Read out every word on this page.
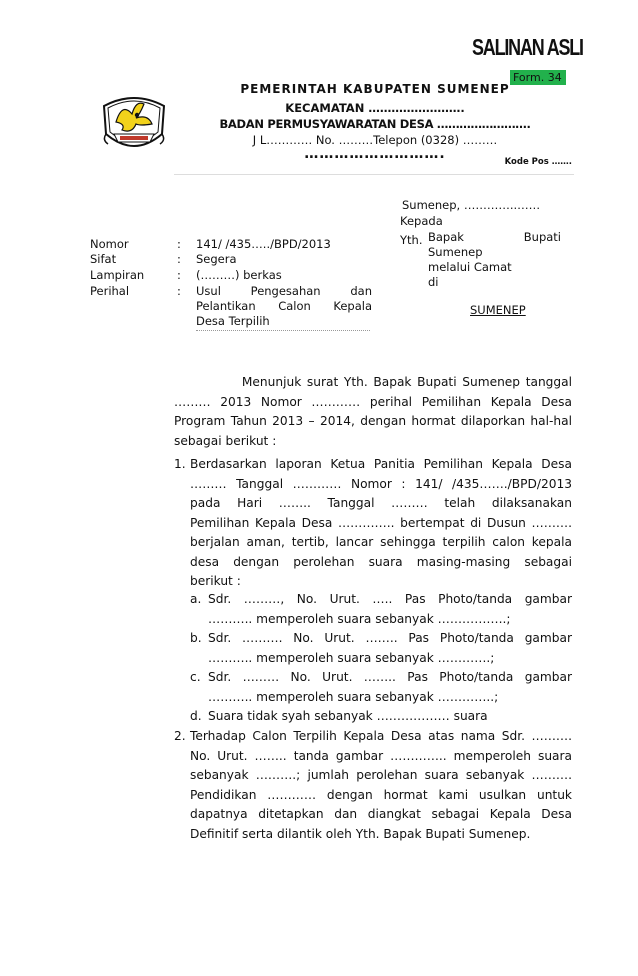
SALINAN ASLI
Form. 34
PEMERINTAH KABUPATEN SUMENEP
KECAMATAN …………………….
BADAN PERMUSYAWARATAN DESA …………………….
J L………… No. ………Telepon (0328) ………
……………………….	Kode Pos …….
Sumenep, …………..……
Kepada
Yth. Bapak Bupati
Sumenep
melalui Camat
di
SUMENEP
Nomor	: 141/ /435…../BPD/2013
Sifat	: Segera
Lampiran	: (………) berkas
Perihal	: Usul Pengesahan dan
Pelantikan Calon Kepala
Desa Terpilih
Menunjuk surat Yth. Bapak Bupati Sumenep tanggal
……… 2013 Nomor ………… perihal Pemilihan Kepala Desa
Program Tahun 2013 – 2014, dengan hormat dilaporkan hal-hal
sebagai berikut :
1. Berdasarkan laporan Ketua Panitia Pemilihan Kepala Desa
……… Tanggal ………… Nomor : 141/ /435……./BPD/2013
pada Hari …….. Tanggal ……… telah dilaksanakan
Pemilihan Kepala Desa ………….. bertempat di Dusun ……….
berjalan aman, tertib, lancar sehingga terpilih calon kepala
desa dengan perolehan suara masing-masing sebagai
berikut :
a. Sdr. ………, No. Urut. ….. Pas Photo/tanda gambar
……….. memperoleh suara sebanyak ……………..;
b. Sdr. ………. No. Urut. …….. Pas Photo/tanda gambar
……….. memperoleh suara sebanyak ………….;
c. Sdr. ……… No. Urut. …….. Pas Photo/tanda gambar
……….. memperoleh suara sebanyak …………..;
d. Suara tidak syah sebanyak ……………… suara
2. Terhadap Calon Terpilih Kepala Desa atas nama Sdr. ……….
No. Urut. …….. tanda gambar ………….. memperoleh suara
sebanyak ……….; jumlah perolehan suara sebanyak ……….
Pendidikan ………… dengan hormat kami usulkan untuk
dapatnya ditetapkan dan diangkat sebagai Kepala Desa
Definitif serta dilantik oleh Yth. Bapak Bupati Sumenep.
